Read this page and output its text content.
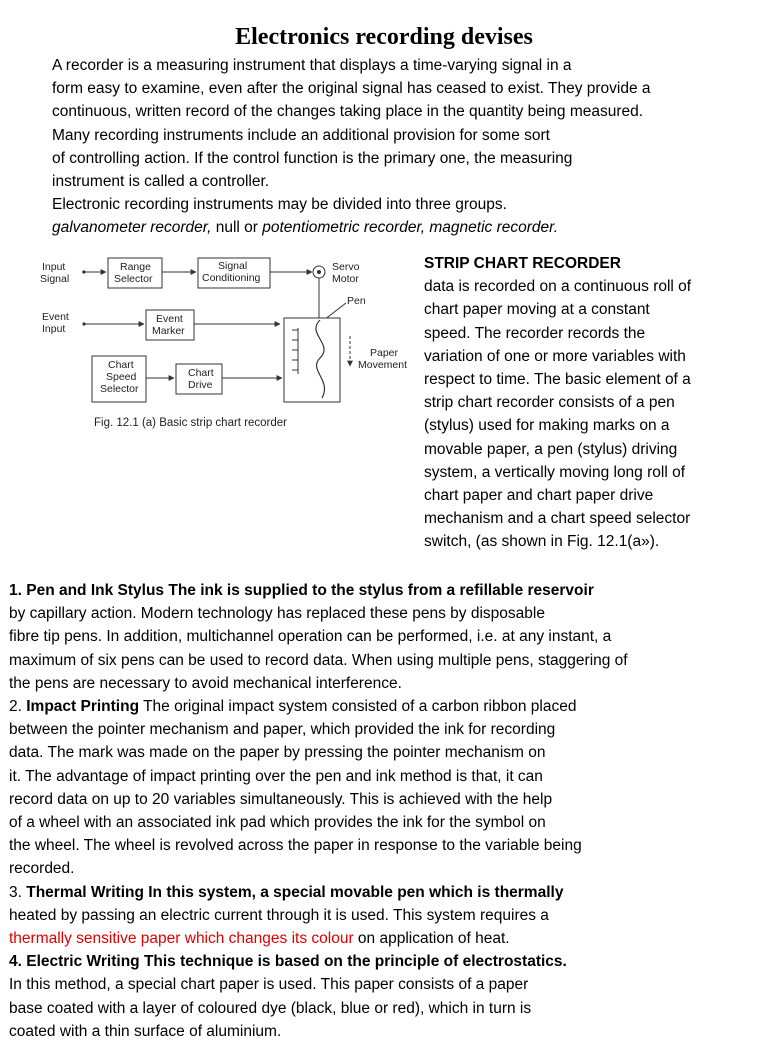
Electronics recording devises
A recorder is a measuring instrument that displays a time-varying signal in a
form easy to examine, even after the original signal has ceased to exist. They provide a
continuous, written record of the changes taking place in the quantity being measured.
Many recording instruments include an additional provision for some sort
of controlling action. If the control function is the primary one, the measuring
instrument is called a controller.
Electronic recording instruments may be divided into three groups.
galvanometer recorder, null or potentiometric recorder, magnetic recorder.
Input
Signal
Range
Selector
Signal
Conditioning
Servo
Motor
Pen
Event
Input
Event
Marker
Paper
Movement
Chart
Speed
Selector
Chart
Drive
Fig. 12.1 (a) Basic strip chart recorder
STRIP CHART RECORDER
data is recorded on a continuous roll of
chart paper moving at a constant
speed. The recorder records the
variation of one or more variables with
respect to time. The basic element of a
strip chart recorder consists of a pen
(stylus) used for making marks on a
movable paper, a pen (stylus) driving
system, a vertically moving long roll of
chart paper and chart paper drive
mechanism and a chart speed selector
switch, (as shown in Fig. 12.1(a»).
1. Pen and Ink Stylus The ink is supplied to the stylus from a refillable reservoir
by capillary action. Modern technology has replaced these pens by disposable
fibre tip pens. In addition, multichannel operation can be performed, i.e. at any instant, a
maximum of six pens can be used to record data. When using multiple pens, staggering of
the pens are necessary to avoid mechanical interference.
2. Impact Printing The original impact system consisted of a carbon ribbon placed
between the pointer mechanism and paper, which provided the ink for recording
data. The mark was made on the paper by pressing the pointer mechanism on
it. The advantage of impact printing over the pen and ink method is that, it can
record data on up to 20 variables simultaneously. This is achieved with the help
of a wheel with an associated ink pad which provides the ink for the symbol on
the wheel. The wheel is revolved across the paper in response to the variable being
recorded.
3. Thermal Writing In this system, a special movable pen which is thermally
heated by passing an electric current through it is used. This system requires a
thermally sensitive paper which changes its colour on application of heat.
4. Electric Writing This technique is based on the principle of electrostatics.
In this method, a special chart paper is used. This paper consists of a paper
base coated with a layer of coloured dye (black, blue or red), which in turn is
coated with a thin surface of aluminium.
